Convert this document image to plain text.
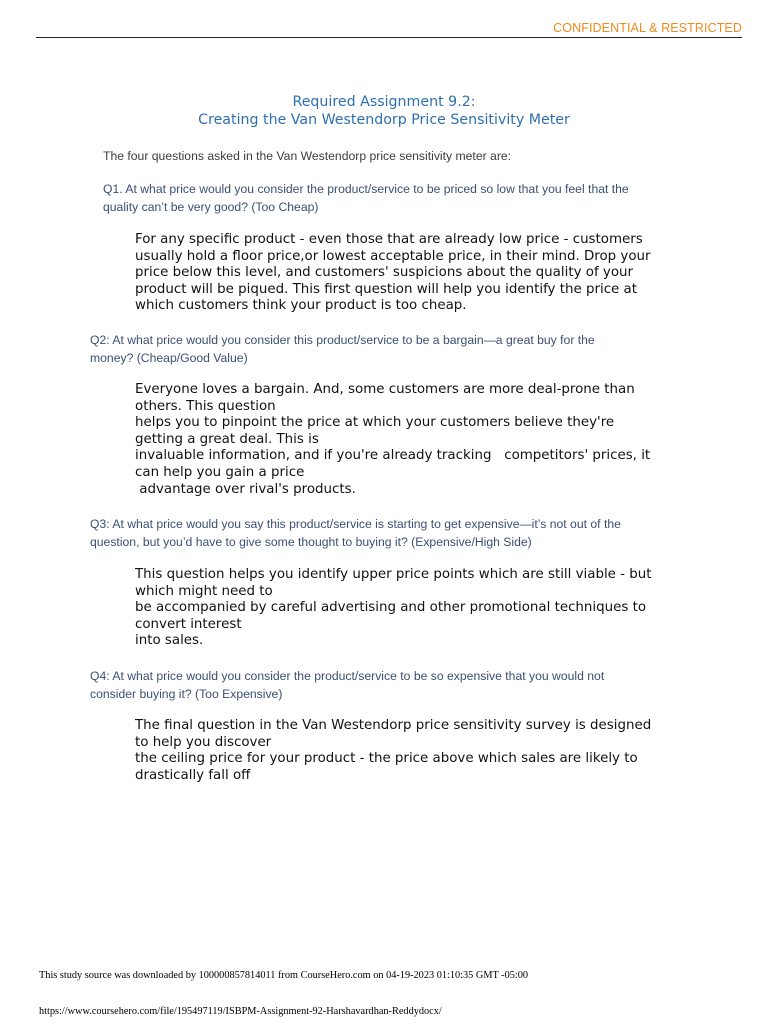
CONFIDENTIAL & RESTRICTED
Required Assignment 9.2:
Creating the Van Westendorp Price Sensitivity Meter
The four questions asked in the Van Westendorp price sensitivity meter are:
Q1. At what price would you consider the product/service to be priced so low that you feel that the
quality can’t be very good? (Too Cheap)
For any specific product - even those that are already low price - customers
usually hold a floor price,or lowest acceptable price, in their mind. Drop your
price below this level, and customers' suspicions about the quality of your
product will be piqued. This first question will help you identify the price at
which customers think your product is too cheap.
Q2: At what price would you consider this product/service to be a bargain—a great buy for the
money? (Cheap/Good Value)
Everyone loves a bargain. And, some customers are more deal-prone than
others. This question
helps you to pinpoint the price at which your customers believe they're
getting a great deal. This is
invaluable information, and if you're already tracking   competitors' prices, it
can help you gain a price
advantage over rival's products.
Q3: At what price would you say this product/service is starting to get expensive—it’s not out of the
question, but you’d have to give some thought to buying it? (Expensive/High Side)
This question helps you identify upper price points which are still viable - but
which might need to
be accompanied by careful advertising and other promotional techniques to
convert interest
into sales.
Q4: At what price would you consider the product/service to be so expensive that you would not
consider buying it? (Too Expensive)
The final question in the Van Westendorp price sensitivity survey is designed
to help you discover
the ceiling price for your product - the price above which sales are likely to
drastically fall off
This study source was downloaded by 100000857814011 from CourseHero.com on 04-19-2023 01:10:35 GMT -05:00
https://www.coursehero.com/file/195497119/ISBPM-Assignment-92-Harshavardhan-Reddydocx/
